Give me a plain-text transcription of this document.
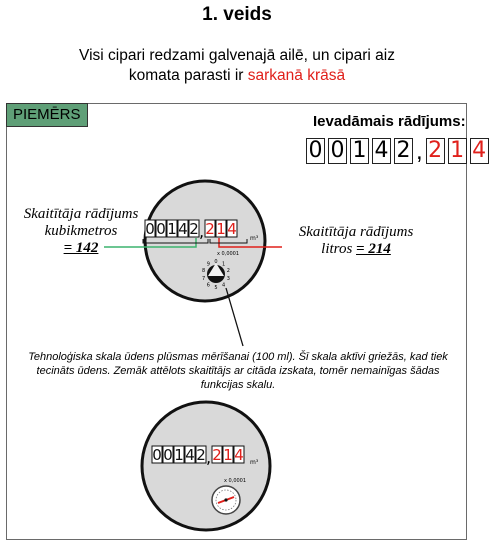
1. veids
Visi cipari redzami galvenajā ailē, un cipari aiz
komata parasti ir sarkanā krāsā
PIEMĒRS	Ievadāmais rādījums:
0 0 1 4 2 , 2 1 4
Skaitītāja rādījums
kubikmetros
= 142
Skaitītāja rādījums
litros = 214
0 0 1 4 2 , 2 1 4
m³
x 0,0001
0 1
2
3
4
5
6
7
8
9
0 0 1 4 2 , 2 1 4 m³
x 0,0001
Tehnoloģiska skala ūdens plūsmas mērīšanai (100 ml). Šī skala aktīvi griežās, kad tiek tecināts ūdens. Zemāk attēlots skaitītājs ar citāda izskata, tomēr nemainīgas šādas funkcijas skalu.
